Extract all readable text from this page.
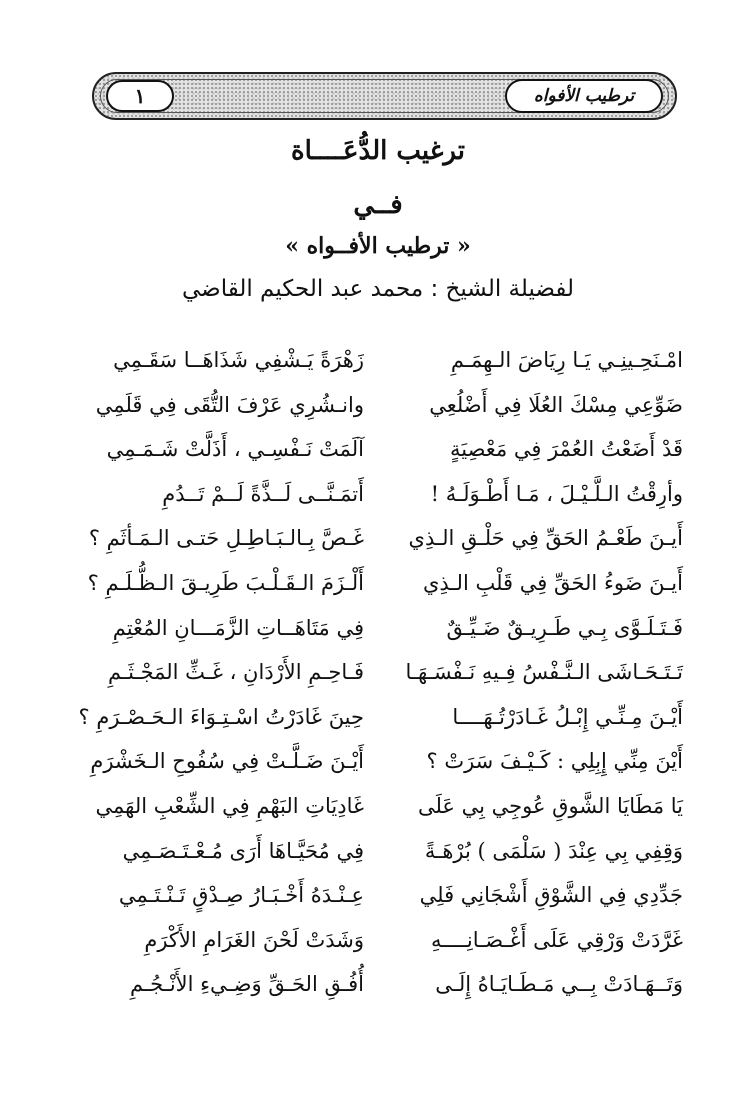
١	ترطيب الأفواه
ترغيب الدُّعَــــاة
فــي
« ترطيب الأفــواه »
لفضيلة الشيخ : محمد عبد الحكيم القاضي
امْـنَحِـينِـي يَـا رِيَاضَ الـهِمَـمِ
زَهْرَةً يَـشْفِي شَذَاهَــا سَقَـمِي
ضَوِّعِي مِسْكَ العُلَا فِي أَضْلُعِي
وانـشُرِي عَرْفَ التُّقَى فِي قَلَمِي
قَدْ أَضَعْتُ العُمْرَ فِي مَعْصِيَةٍ
آلَمَتْ نَـفْسِـي ، أَذَلَّتْ شَـمَـمِي
وأرِقْتُ الـلَّـيْـلَ ، مَـا أَطْـوَلَـهُ !
أَتمَـنَّــى لَــذَّةً لَــمْ تَــدُمِ
أَيـنَ طَعْـمُ الحَقِّ فِي حَلْـقِ الـذِي
غَـصَّ بِـالـبَـاطِـلِ حَتـى الـمَـأثَمِ ؟
أَيـنَ ضَوءُ الحَقِّ فِي قَلْبِ الـذِي
أَلْـزَمَ الـقَـلْـبَ طَرِيـقَ الـظُّـلَـمِ ؟
فَـتَـلَـوَّى بِـي طَـرِيـقٌ ضَـيِّـقٌ
فِي مَتَاهَــاتِ الزَّمَـــانِ المُعْتِمِ
تَـتَـحَـاشَى الـنَّـفْسُ فِـيهِ نَـفْسَـهَـا
فَـاحِـمِ الأَرْدَانِ ، غَـثِّ المَجْـثَـمِ
أَيْـنَ مِـنِّـي إِبْـلُ غَـادَرْتُـهَــــا
حِينَ غَادَرْتُ اسْـتِـوَاءَ الـحَـصْـرَمِ ؟
أَيْنَ مِنِّي إِبِلِي : كَـيْـفَ سَرَتْ ؟
أَيْـنَ ضَـلَّـتْ فِي سُفُوحِ الـخَشْرَمِ
يَا مَطَايَا الشَّوقِ عُوجِي بِي عَلَى
غَادِيَاتِ البَهْمِ فِي الشِّعْبِ الهَمِي
وَقِفِي بِي عِنْدَ ( سَلْمَى ) بُرْهَـةً
فِي مُحَيَّـاهَا أَرَى مُـعْـتَـصَـمِي
جَدِّدِي فِي الشَّوْقِ أَشْجَانِي فَلِي
عِـنْـدَهُ أَخْـبَـارُ صِـدْقٍ تَـنْـتَـمِي
غَرَّدَتْ وَرْقِي عَلَى أَغْـصَـانِــــهِ
وَشَدَتْ لَحْنَ الغَرَامِ الأَكْرَمِ
وَتَــهَـادَتْ بِــي مَـطَـايَـاهُ إِلَـى
أُفُـقِ الحَـقِّ وَضِـيءِ الأَنْـجُـمِ
